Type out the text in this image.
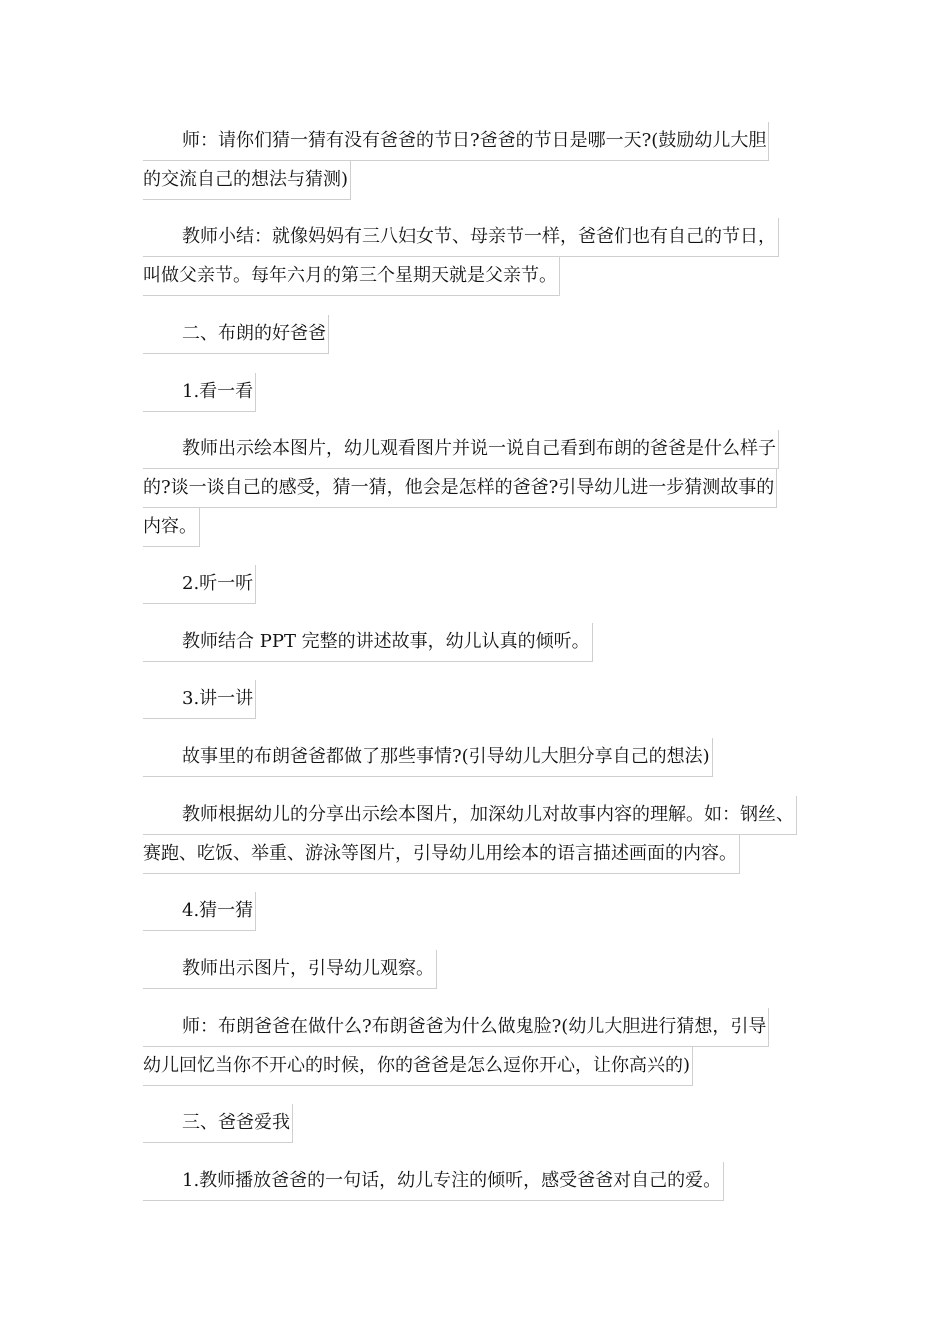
师：请你们猜一猜有没有爸爸的节日?爸爸的节日是哪一天?(鼓励幼儿大胆
的交流自己的想法与猜测)
教师小结：就像妈妈有三八妇女节、母亲节一样，爸爸们也有自己的节日，
叫做父亲节。每年六月的第三个星期天就是父亲节。
二、布朗的好爸爸
1.看一看
教师出示绘本图片，幼儿观看图片并说一说自己看到布朗的爸爸是什么样子
的?谈一谈自己的感受，猜一猜，他会是怎样的爸爸?引导幼儿进一步猜测故事的
内容。
2.听一听
教师结合 PPT 完整的讲述故事，幼儿认真的倾听。
3.讲一讲
故事里的布朗爸爸都做了那些事情?(引导幼儿大胆分享自己的想法)
教师根据幼儿的分享出示绘本图片，加深幼儿对故事内容的理解。如：钢丝、
赛跑、吃饭、举重、游泳等图片，引导幼儿用绘本的语言描述画面的内容。
4.猜一猜
教师出示图片，引导幼儿观察。
师：布朗爸爸在做什么?布朗爸爸为什么做鬼脸?(幼儿大胆进行猜想，引导
幼儿回忆当你不开心的时候，你的爸爸是怎么逗你开心，让你高兴的)
三、爸爸爱我
1.教师播放爸爸的一句话，幼儿专注的倾听，感受爸爸对自己的爱。
